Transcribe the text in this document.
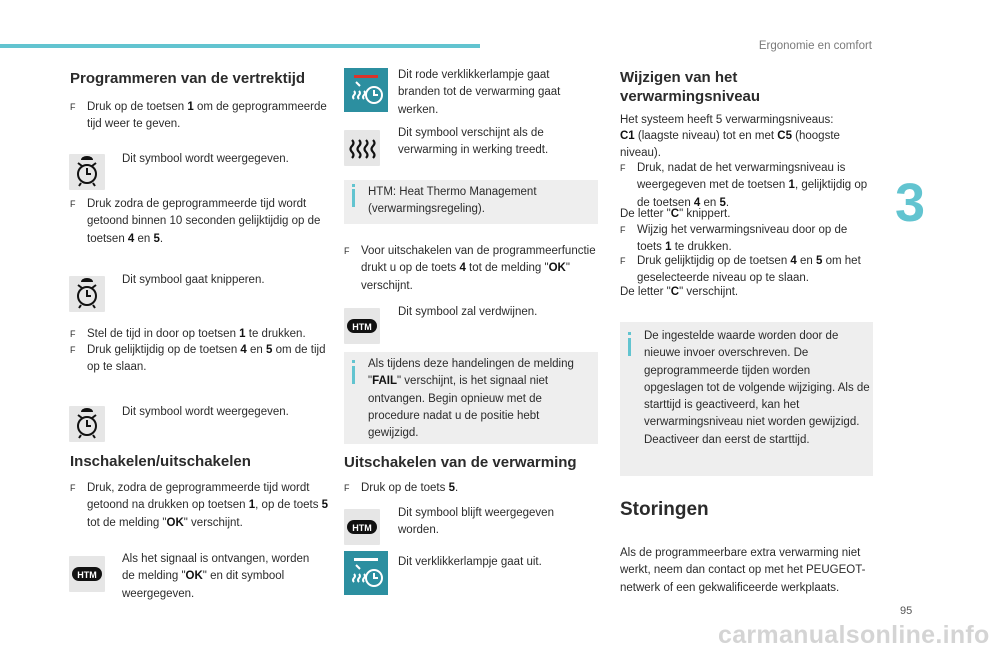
Ergonomie en comfort
3
Programmeren van de vertrektijd
F Druk op de toetsen 1 om de geprogrammeerde tijd weer te geven.
Dit symbool wordt weergegeven.
F Druk zodra de geprogrammeerde tijd wordt getoond binnen 10 seconden gelijktijdig op de toetsen 4 en 5.
Dit symbool gaat knipperen.
F Stel de tijd in door op toetsen 1 te drukken.
F Druk gelijktijdig op de toetsen 4 en 5 om de tijd op te slaan.
Dit symbool wordt weergegeven.
Inschakelen/uitschakelen
F Druk, zodra de geprogrammeerde tijd wordt getoond na drukken op toetsen 1, op de toets 5 tot de melding "OK" verschijnt.
HTM
Als het signaal is ontvangen, worden de melding "OK" en dit symbool weergegeven.
Dit rode verklikkerlampje gaat branden tot de verwarming gaat werken.
Dit symbool verschijnt als de verwarming in werking treedt.
HTM: Heat Thermo Management (verwarmingsregeling).
F Voor uitschakelen van de programmeerfunctie drukt u op de toets 4 tot de melding "OK" verschijnt.
HTM
Dit symbool zal verdwijnen.
Als tijdens deze handelingen de melding "FAIL" verschijnt, is het signaal niet ontvangen. Begin opnieuw met de procedure nadat u de positie hebt gewijzigd.
Uitschakelen van de verwarming
F Druk op de toets 5.
HTM
Dit symbool blijft weergegeven worden.
Dit verklikkerlampje gaat uit.
Wijzigen van het verwarmingsniveau
Het systeem heeft 5 verwarmingsniveaus:
C1 (laagste niveau) tot en met C5 (hoogste niveau).
F Druk, nadat de het verwarmingsniveau is weergegeven met de toetsen 1, gelijktijdig op de toetsen 4 en 5.
De letter "C" knippert.
F Wijzig het verwarmingsniveau door op de toets 1 te drukken.
F Druk gelijktijdig op de toetsen 4 en 5 om het geselecteerde niveau op te slaan.
De letter "C" verschijnt.
De ingestelde waarde worden door de nieuwe invoer overschreven. De geprogrammeerde tijden worden opgeslagen tot de volgende wijziging. Als de starttijd is geactiveerd, kan het verwarmingsniveau niet worden gewijzigd. Deactiveer dan eerst de starttijd.
Storingen
Als de programmeerbare extra verwarming niet werkt, neem dan contact op met het PEUGEOT-netwerk of een gekwalificeerde werkplaats.
95
carmanualsonline.info
